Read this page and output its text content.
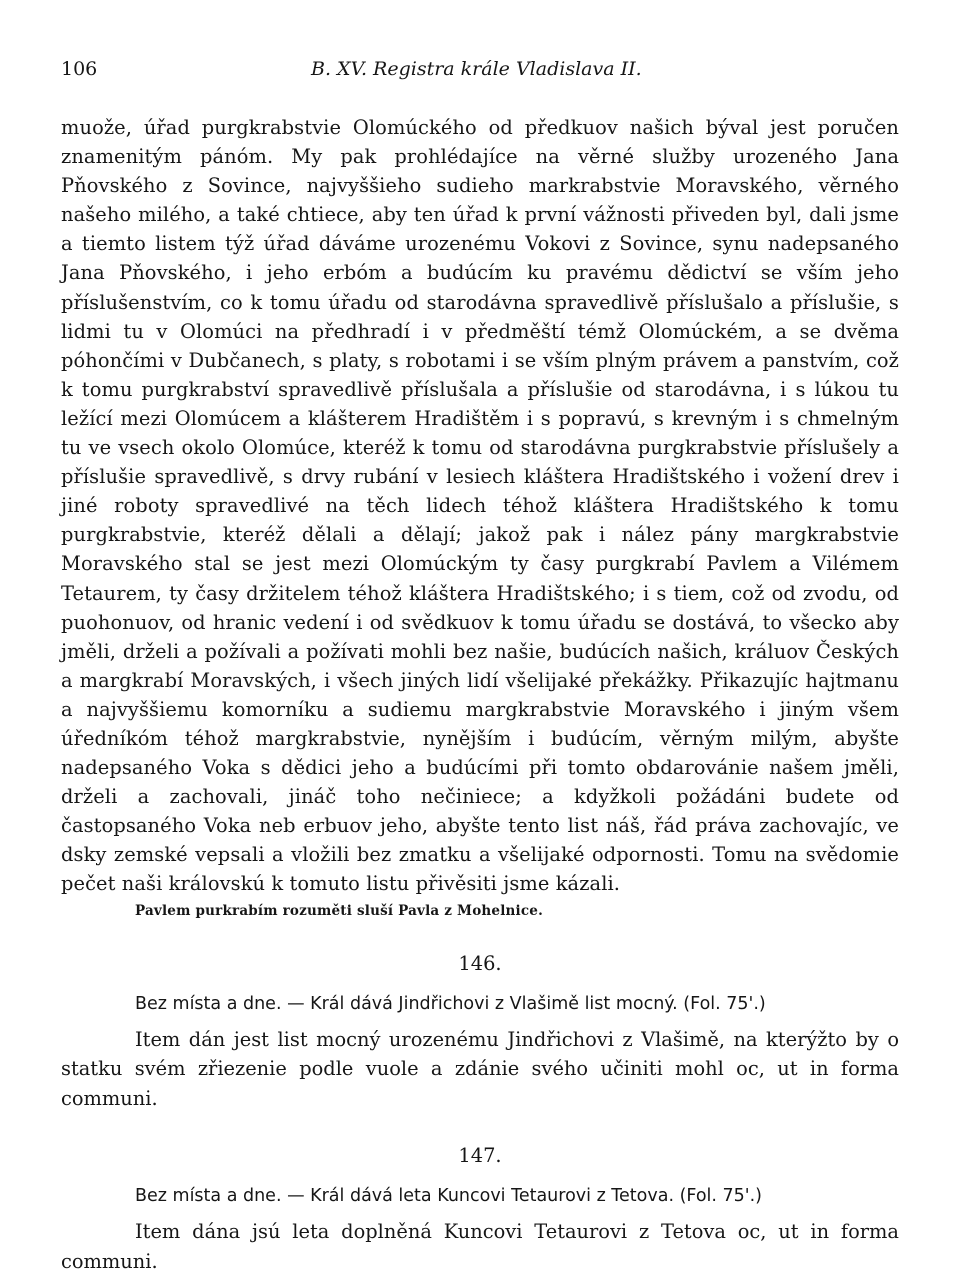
106	B. XV. Registra krále Vladislava II.

muože, úřad purgkrabstvie Olomúckého od předkuov našich býval jest poručen znamenitým pánóm. My pak prohlédajíce na věrné služby urozeného Jana Pňovského z Sovince, najvyššieho sudieho markrabstvie Moravského, věrného našeho milého, a také chtiece, aby ten úřad k první vážnosti přiveden byl, dali jsme a tiemto listem týž úřad dáváme urozenému Vokovi z Sovince, synu nadepsaného Jana Pňovského, i jeho erbóm a budúcím ku pravému dědictví se vším jeho příslušenstvím, co k tomu úřadu od starodávna spravedlivě příslušalo a příslušie, s lidmi tu v Olomúci na předhradí i v předměští témž Olomúckém, a se dvěma póhončími v Dubčanech, s platy, s robotami i se vším plným právem a panstvím, což k tomu purgkrabství spravedlivě příslušala a příslušie od starodávna, i s lúkou tu ležící mezi Olomúcem a klášterem Hradištěm i s popravú, s krevným i s chmelným tu ve vsech okolo Olomúce, kteréž k tomu od starodávna purgkrabstvie příslušely a příslušie spravedlivě, s drvy rubání v lesiech kláštera Hradištského i vožení drev i jiné roboty spravedlivé na těch lidech téhož kláštera Hradištského k tomu purgkrabstvie, kteréž dělali a dělají; jakož pak i nález pány margkrabstvie Moravského stal se jest mezi Olomúckým ty časy purgkrabí Pavlem a Vilémem Tetaurem, ty časy držitelem téhož kláštera Hradištského; i s tiem, což od zvodu, od puohonuov, od hranic vedení i od svědkuov k tomu úřadu se dostává, to všecko aby jměli, drželi a požívali a požívati mohli bez našie, budúcích našich, králuov Českých a margkrabí Moravských, i všech jiných lidí všelijaké překážky. Přikazujíc hajtmanu a najvyššiemu komorníku a sudiemu margkrabstvie Moravského i jiným všem úředníkóm téhož margkrabstvie, nynějším i budúcím, věrným milým, abyšte nadepsaného Voka s dědici jeho a budúcími při tomto obdarovánie našem jměli, drželi a zachovali, jináč toho nečiniece; a kdyžkoli požádáni budete od častopsaného Voka neb erbuov jeho, abyšte tento list náš, řád práva zachovajíc, ve dsky zemské vepsali a vložili bez zmatku a všelijaké odpornosti. Tomu na svědomie pečet naši královskú k tomuto listu přivěsiti jsme kázali.

Pavlem purkrabím rozuměti sluší Pavla z Mohelnice.
146.
Bez místa a dne. — Král dává Jindřichovi z Vlašimě list mocný. (Fol. 75'.)

Item dán jest list mocný urozenému Jindřichovi z Vlašimě, na kterýžto by o statku svém zřiezenie podle vuole a zdánie svého učiniti mohl oc, ut in forma communi.

147.
Bez místa a dne. — Král dává leta Kuncovi Tetaurovi z Tetova. (Fol. 75'.)

Item dána jsú leta doplněná Kuncovi Tetaurovi z Tetova oc, ut in forma communi.
